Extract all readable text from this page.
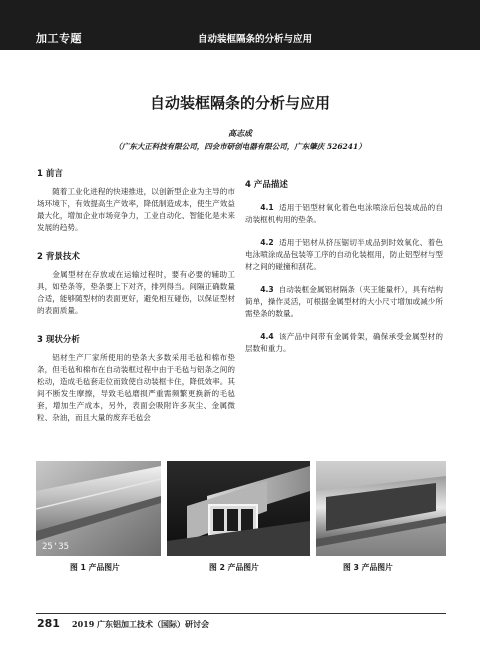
加工专题	自动装框隔条的分析与应用
自动装框隔条的分析与应用
高志成
（广东大正科技有限公司，四会市研创电器有限公司，广东肇庆 526241）
1 前言

随着工业化进程的快速推进，以创新型企业为主导的市场环境下，有效提高生产效率，降低制造成本，使生产效益最大化，增加企业市场竞争力，工业自动化、智能化是未来发展的趋势。

2 背景技术

金属型材在存放或在运输过程时，要有必要的辅助工具，如垫条等，垫条要上下对齐，排列得当。间隔正确数量合适，能够随型材的表面更好，避免相互碰伤，以保证型材的表面质量。

3 现状分析

铝材生产厂家所使用的垫条大多数采用毛毡和棉布垫条，但毛毡和棉布在自动装框过程中由于毛毡与铝条之间的松动，造成毛毡套走位而致使自动装框卡住，降低效率。其间不断发生摩擦，导致毛毡磨损严重需频繁更换新的毛毡套，增加生产成本，另外，表面会吸附许多灰尘、金属微粒、杂油，而且大量的废弃毛毡会

4 产品描述

4.1 适用于铝型材氧化着色电泳喷涂后包装成品的自动装框机构用的垫条。

4.2 适用于铝材从挤压锯切半成品到时效氧化、着色电泳喷涂成品包装等工序的自动化装框用，防止铝型材与型材之间的碰撞和刮花。

4.3 自动装框金属铝材隔条（夹王能量杆），具有结构简单，操作灵活，可根据金属型材的大小尺寸增加或减少所需垫条的数量。

4.4 该产品中间带有金属骨架，确保承受金属型材的层数和重力。

25'35
图 1 产品图片	图 2 产品图片	图 3 产品图片
281 2019 广东铝加工技术（国际）研讨会
